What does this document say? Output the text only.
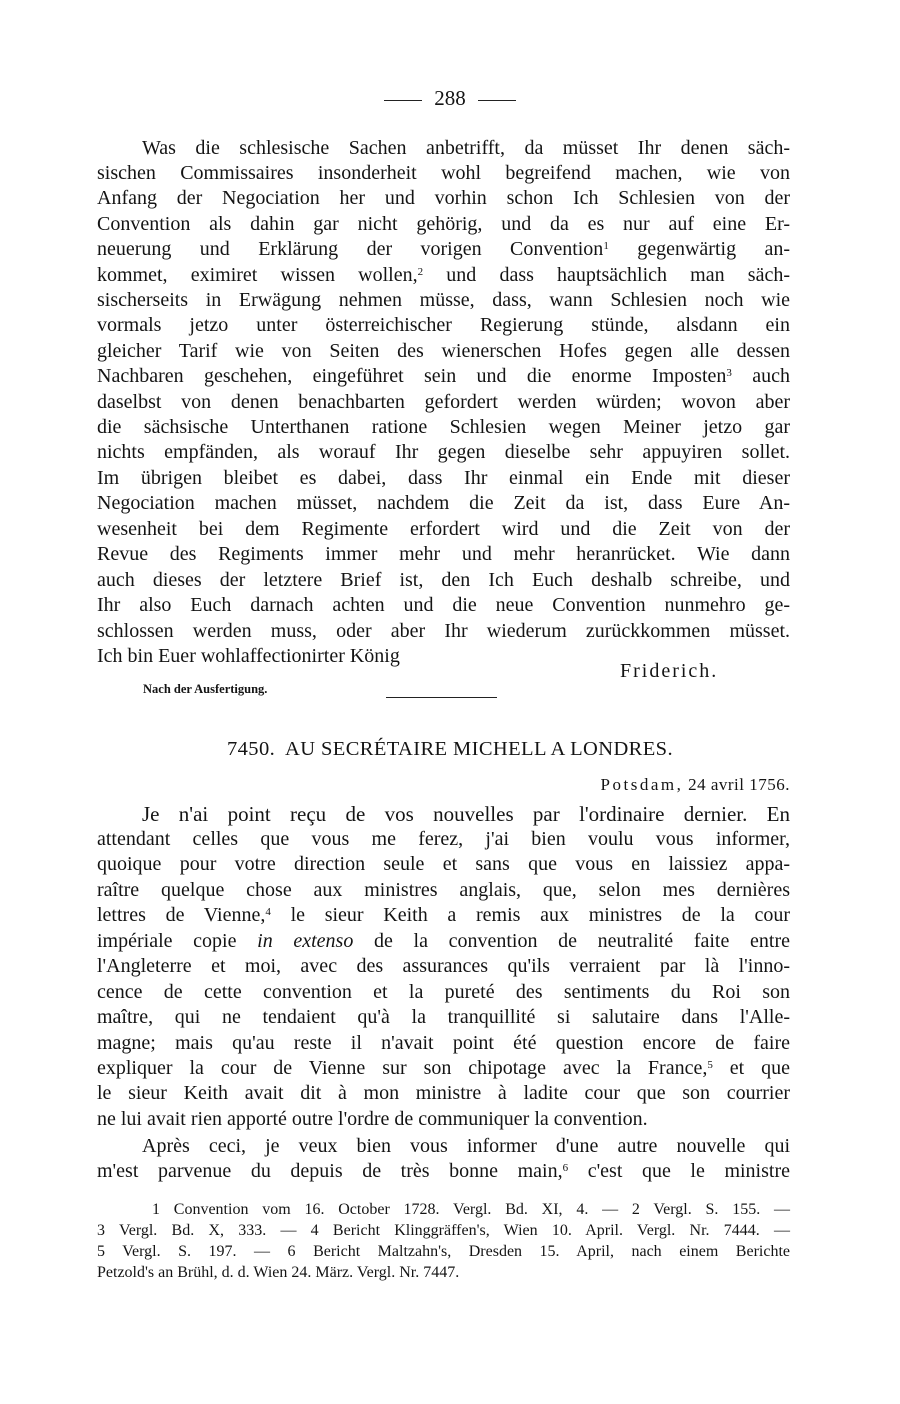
288
Was die schlesische Sachen anbetrifft, da müsset Ihr denen säch-
sischen Commissaires insonderheit wohl begreifend machen, wie von
Anfang der Negociation her und vorhin schon Ich Schlesien von der
Convention als dahin gar nicht gehörig, und da es nur auf eine Er-
neuerung und Erklärung der vorigen Convention$^1$ gegenwärtig an-
kommet, eximiret wissen wollen,$^2$ und dass hauptsächlich man säch-
sischerseits in Erwägung nehmen müsse, dass, wann Schlesien noch wie
vormals jetzo unter österreichischer Regierung stünde, alsdann ein
gleicher Tarif wie von Seiten des wienerschen Hofes gegen alle dessen
Nachbaren geschehen, eingeführet sein und die enorme Imposten$^3$ auch
daselbst von denen benachbarten gefordert werden würden; wovon aber
die sächsische Unterthanen ratione Schlesien wegen Meiner jetzo gar
nichts empfänden, als worauf Ihr gegen dieselbe sehr appuyiren sollet.
Im übrigen bleibet es dabei, dass Ihr einmal ein Ende mit dieser
Negociation machen müsset, nachdem die Zeit da ist, dass Eure An-
wesenheit bei dem Regimente erfordert wird und die Zeit von der
Revue des Regiments immer mehr und mehr heranrücket. Wie dann
auch dieses der letztere Brief ist, den Ich Euch deshalb schreibe, und
Ihr also Euch darnach achten und die neue Convention nunmehro ge-
schlossen werden muss, oder aber Ihr wiederum zurückkommen müsset.
Ich bin Euer wohlaffectionirter König
Friderich.
Nach der Ausfertigung.
7450. AU SECRÉTAIRE MICHELL A LONDRES.
Potsdam, 24 avril 1756.
Je n'ai point reçu de vos nouvelles par l'ordinaire dernier. En
attendant celles que vous me ferez, j'ai bien voulu vous informer,
quoique pour votre direction seule et sans que vous en laissiez appa-
raître quelque chose aux ministres anglais, que, selon mes dernières
lettres de Vienne,$^4$ le sieur Keith a remis aux ministres de la cour
impériale copie in extenso de la convention de neutralité faite entre
l'Angleterre et moi, avec des assurances qu'ils verraient par là l'inno-
cence de cette convention et la pureté des sentiments du Roi son
maître, qui ne tendaient qu'à la tranquillité si salutaire dans l'Alle-
magne; mais qu'au reste il n'avait point été question encore de faire
expliquer la cour de Vienne sur son chipotage avec la France,$^5$ et que
le sieur Keith avait dit à mon ministre à ladite cour que son courrier
ne lui avait rien apporté outre l'ordre de communiquer la convention.
Après ceci, je veux bien vous informer d'une autre nouvelle qui
m'est parvenue du depuis de très bonne main,$^6$ c'est que le ministre
1 Convention vom 16. October 1728. Vergl. Bd. XI, 4. — 2 Vergl. S. 155. —
3 Vergl. Bd. X, 333. — 4 Bericht Klinggräffen's, Wien 10. April. Vergl. Nr. 7444. —
5 Vergl. S. 197. — 6 Bericht Maltzahn's, Dresden 15. April, nach einem Berichte
Petzold's an Brühl, d. d. Wien 24. März. Vergl. Nr. 7447.
